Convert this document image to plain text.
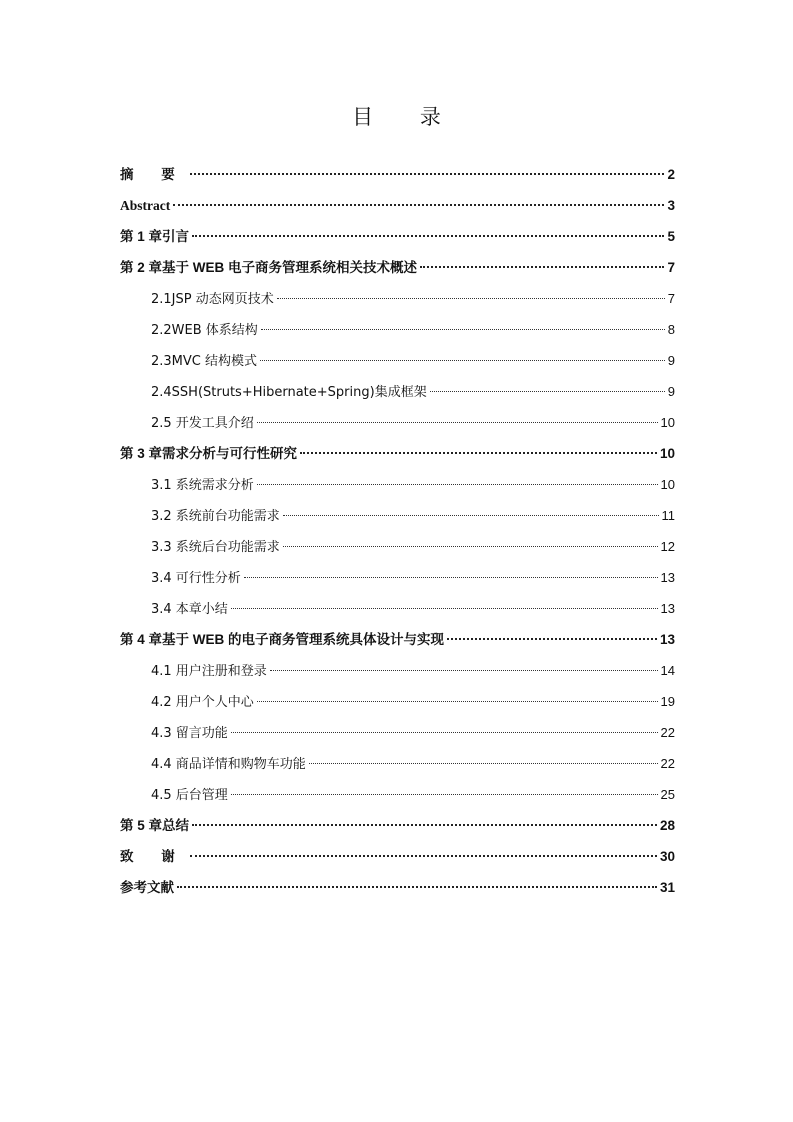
目 录
摘 要	2
Abstract	3
第 1 章引言	5
第 2 章基于 WEB 电子商务管理系统相关技术概述	7
2.1JSP 动态网页技术	7
2.2WEB 体系结构	8
2.3MVC 结构模式	9
2.4SSH(Struts+Hibernate+Spring)集成框架	9
2.5 开发工具介绍	10
第 3 章需求分析与可行性研究	10
3.1 系统需求分析	10
3.2 系统前台功能需求	11
3.3 系统后台功能需求	12
3.4 可行性分析	13
3.4 本章小结	13
第 4 章基于 WEB 的电子商务管理系统具体设计与实现	13
4.1 用户注册和登录	14
4.2 用户个人中心	19
4.3 留言功能	22
4.4 商品详情和购物车功能	22
4.5 后台管理	25
第 5 章总结	28
致 谢	30
参考文献	31
